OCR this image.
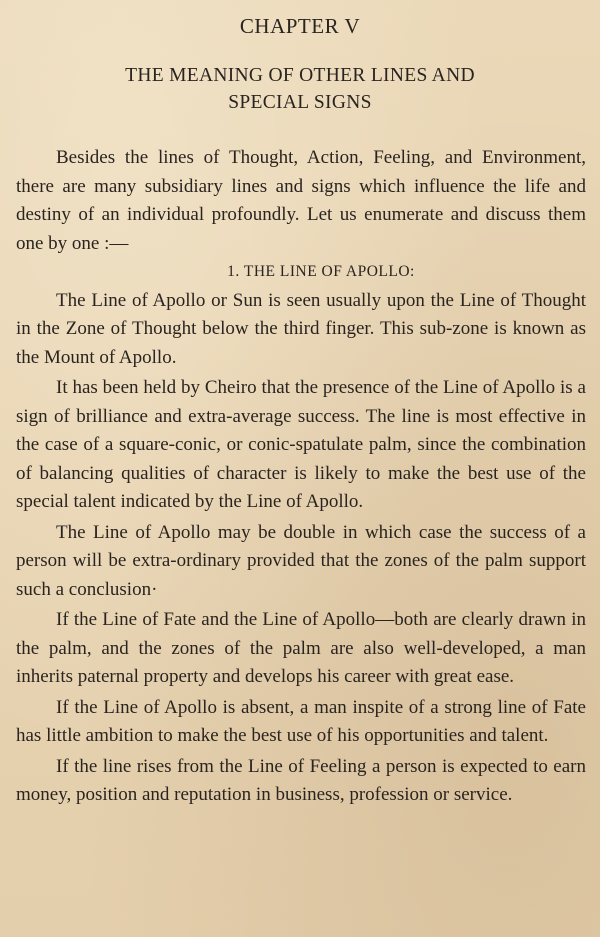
CHAPTER V
THE MEANING OF OTHER LINES AND
SPECIAL SIGNS

Besides the lines of Thought, Action, Feeling, and Environment, there are many subsidiary lines and signs which influence the life and destiny of an individual profoundly. Let us enumerate and discuss them one by one :—

1. THE LINE OF APOLLO:

The Line of Apollo or Sun is seen usually upon the Line of Thought in the Zone of Thought below the third finger. This sub-zone is known as the Mount of Apollo.

It has been held by Cheiro that the presence of the Line of Apollo is a sign of brilliance and extra-average success. The line is most effective in the case of a square-conic, or conic-spatulate palm, since the combination of balancing qualities of character is likely to make the best use of the special talent indicated by the Line of Apollo.

The Line of Apollo may be double in which case the success of a person will be extra-ordinary provided that the zones of the palm support such a conclusion·

If the Line of Fate and the Line of Apollo—both are clearly drawn in the palm, and the zones of the palm are also well-developed, a man inherits paternal property and develops his career with great ease.

If the Line of Apollo is absent, a man inspite of a strong line of Fate has little ambition to make the best use of his opportunities and talent.

If the line rises from the Line of Feeling a person is expected to earn money, position and reputation in business, profession or service.
